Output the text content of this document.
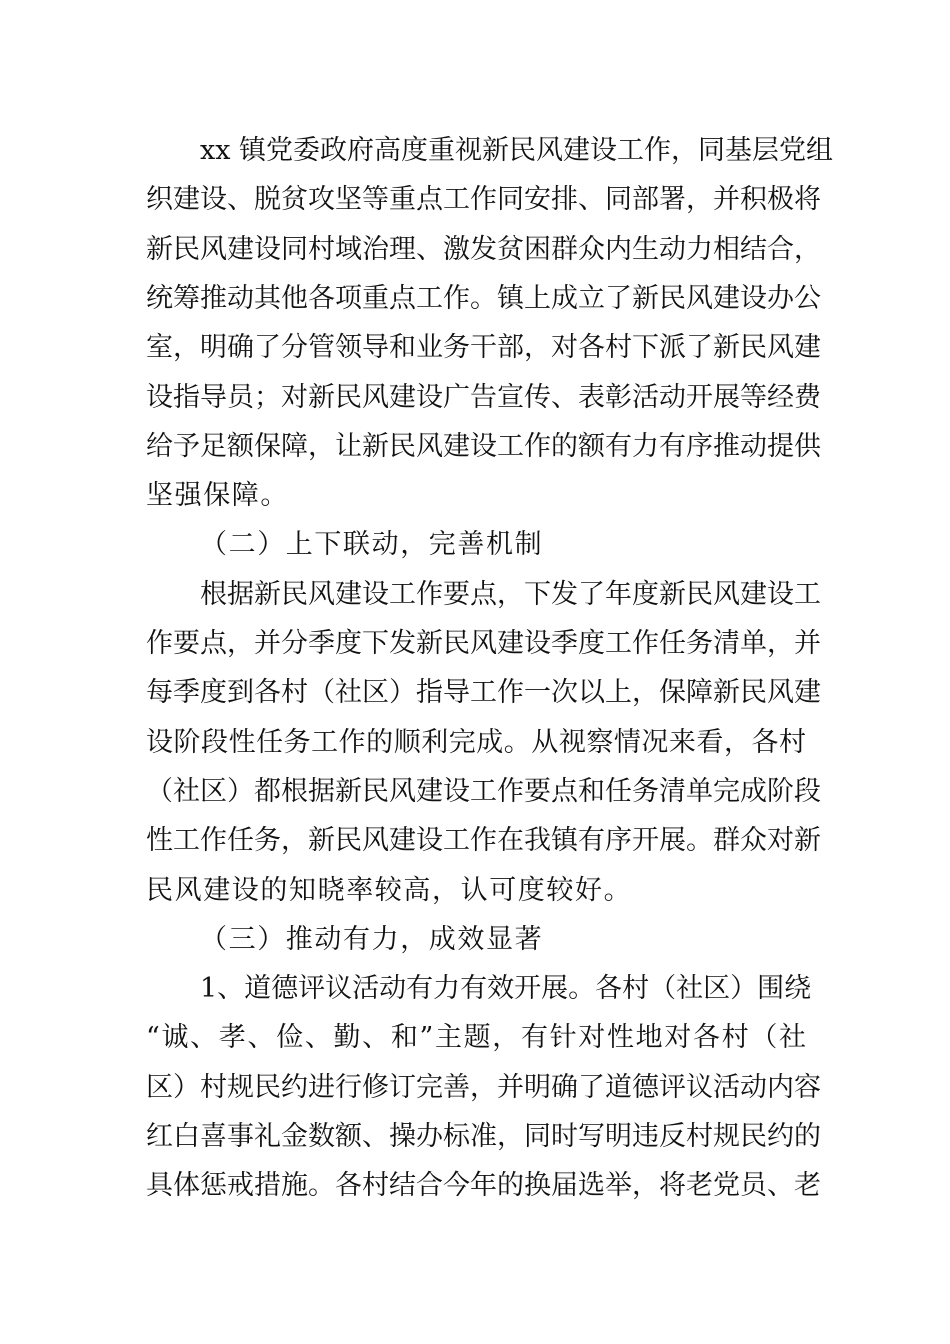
xx 镇党委政府高度重视新民风建设工作，同基层党组
织建设、脱贫攻坚等重点工作同安排、同部署，并积极将
新民风建设同村域治理、激发贫困群众内生动力相结合，
统筹推动其他各项重点工作。镇上成立了新民风建设办公
室，明确了分管领导和业务干部，对各村下派了新民风建
设指导员；对新民风建设广告宣传、表彰活动开展等经费
给予足额保障，让新民风建设工作的额有力有序推动提供
坚强保障。
（二）上下联动，完善机制
根据新民风建设工作要点，下发了年度新民风建设工
作要点，并分季度下发新民风建设季度工作任务清单，并
每季度到各村（社区）指导工作一次以上，保障新民风建
设阶段性任务工作的顺利完成。从视察情况来看，各村
（社区）都根据新民风建设工作要点和任务清单完成阶段
性工作任务，新民风建设工作在我镇有序开展。群众对新
民风建设的知晓率较高，认可度较好。
（三）推动有力，成效显著
1、道德评议活动有力有效开展。各村（社区）围绕
“诚、孝、俭、勤、和”主题，有针对性地对各村（社
区）村规民约进行修订完善，并明确了道德评议活动内容
红白喜事礼金数额、操办标准，同时写明违反村规民约的
具体惩戒措施。各村结合今年的换届选举，将老党员、老
